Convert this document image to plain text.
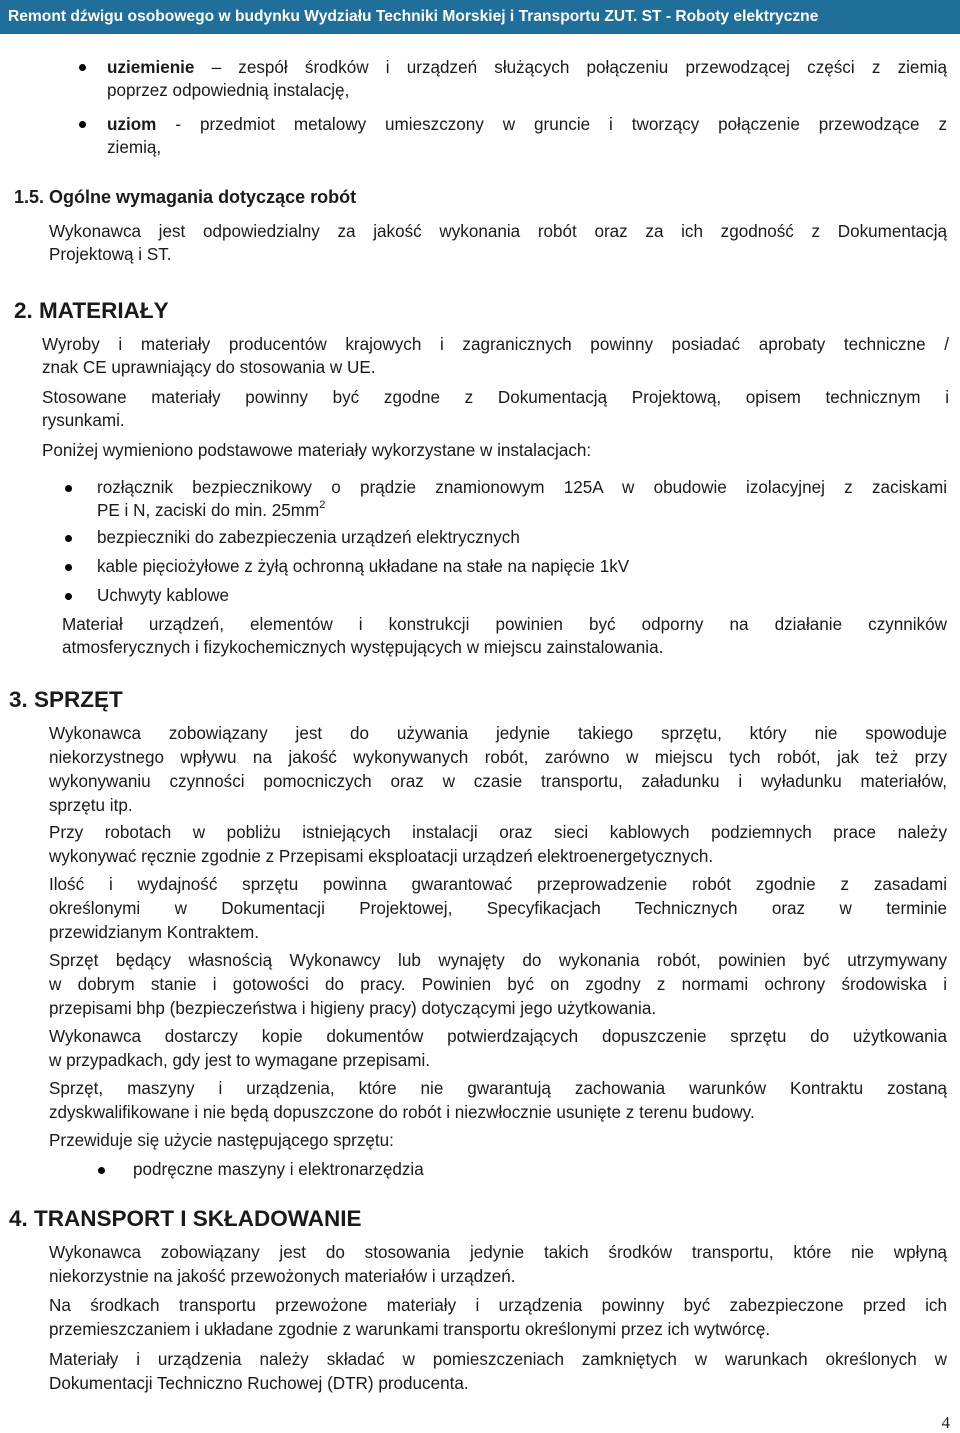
Remont dźwigu osobowego w budynku Wydziału Techniki Morskiej i Transportu ZUT. ST - Roboty elektryczne
uziemienie – zespół środków i urządzeń służących połączeniu przewodzącej części z ziemią
poprzez odpowiednią instalację,
uziom - przedmiot metalowy umieszczony w gruncie i tworzący połączenie przewodzące z
ziemią,
1.5. Ogólne wymagania dotyczące robót
Wykonawca jest odpowiedzialny za jakość wykonania robót oraz za ich zgodność z Dokumentacją
Projektową i ST.
2. MATERIAŁY
Wyroby i materiały producentów krajowych i zagranicznych powinny posiadać aprobaty techniczne /
znak CE uprawniający do stosowania w UE.
Stosowane materiały powinny być zgodne z Dokumentacją Projektową, opisem technicznym i
rysunkami.
Poniżej wymieniono podstawowe materiały wykorzystane w instalacjach:
rozłącznik bezpiecznikowy o prądzie znamionowym 125A w obudowie izolacyjnej z zaciskami
PE i N, zaciski do min. $25mm^2$
bezpieczniki do zabezpieczenia urządzeń elektrycznych
kable pięciożyłowe z żyłą ochronną układane na stałe na napięcie 1kV
Uchwyty kablowe
Materiał urządzeń, elementów i konstrukcji powinien być odporny na działanie czynników
atmosferycznych i fizykochemicznych występujących w miejscu zainstalowania.
3. SPRZĘT
Wykonawca zobowiązany jest do używania jedynie takiego sprzętu, który nie spowoduje
niekorzystnego wpływu na jakość wykonywanych robót, zarówno w miejscu tych robót, jak też przy
wykonywaniu czynności pomocniczych oraz w czasie transportu, załadunku i wyładunku materiałów,
sprzętu itp.
Przy robotach w pobliżu istniejących instalacji oraz sieci kablowych podziemnych prace należy
wykonywać ręcznie zgodnie z Przepisami eksploatacji urządzeń elektroenergetycznych.
Ilość i wydajność sprzętu powinna gwarantować przeprowadzenie robót zgodnie z zasadami
określonymi w Dokumentacji Projektowej, Specyfikacjach Technicznych oraz w terminie
przewidzianym Kontraktem.
Sprzęt będący własnością Wykonawcy lub wynajęty do wykonania robót, powinien być utrzymywany
w dobrym stanie i gotowości do pracy. Powinien być on zgodny z normami ochrony środowiska i
przepisami bhp (bezpieczeństwa i higieny pracy) dotyczącymi jego użytkowania.
Wykonawca dostarczy kopie dokumentów potwierdzających dopuszczenie sprzętu do użytkowania
w przypadkach, gdy jest to wymagane przepisami.
Sprzęt, maszyny i urządzenia, które nie gwarantują zachowania warunków Kontraktu zostaną
zdyskwalifikowane i nie będą dopuszczone do robót i niezwłocznie usunięte z terenu budowy.
Przewiduje się użycie następującego sprzętu:
podręczne maszyny i elektronarzędzia
4. TRANSPORT I SKŁADOWANIE
Wykonawca zobowiązany jest do stosowania jedynie takich środków transportu, które nie wpłyną
niekorzystnie na jakość przewożonych materiałów i urządzeń.
Na środkach transportu przewożone materiały i urządzenia powinny być zabezpieczone przed ich
przemieszczaniem i układane zgodnie z warunkami transportu określonymi przez ich wytwórcę.
Materiały i urządzenia należy składać w pomieszczeniach zamkniętych w warunkach określonych w
Dokumentacji Techniczno Ruchowej (DTR) producenta.
4
